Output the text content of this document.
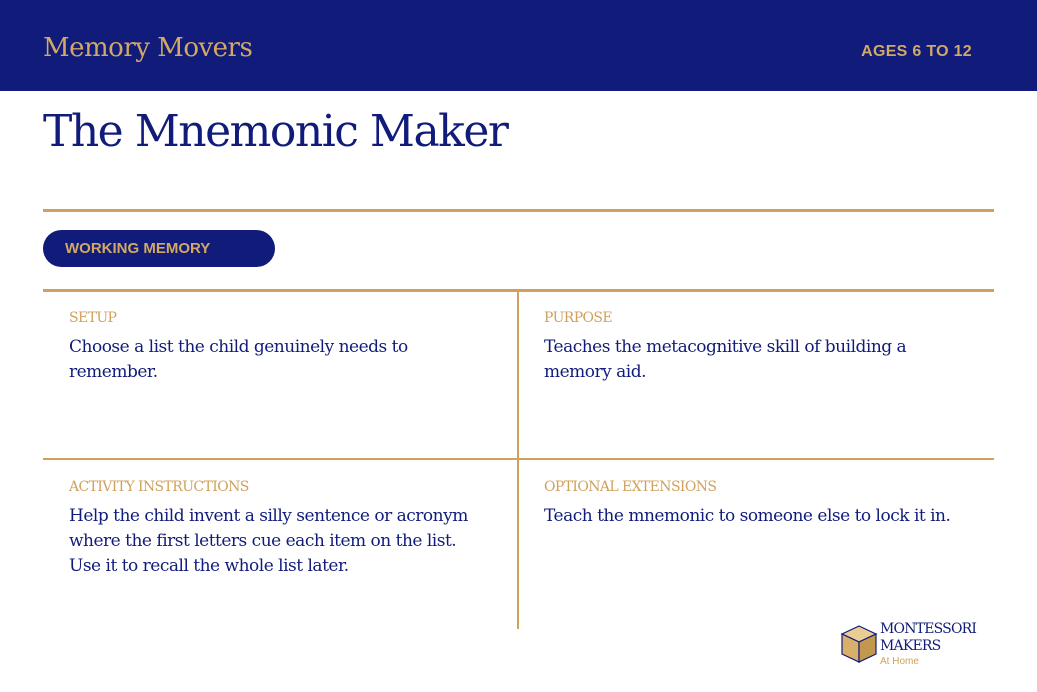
Memory Movers	AGES 6 TO 12
The Mnemonic Maker
WORKING MEMORY
SETUP
Choose a list the child genuinely needs to remember.
PURPOSE
Teaches the metacognitive skill of building a memory aid.
ACTIVITY INSTRUCTIONS
Help the child invent a silly sentence or acronym where the first letters cue each item on the list. Use it to recall the whole list later.
OPTIONAL EXTENSIONS
Teach the mnemonic to someone else to lock it in.
MONTESSORI
MAKERS
At Home
